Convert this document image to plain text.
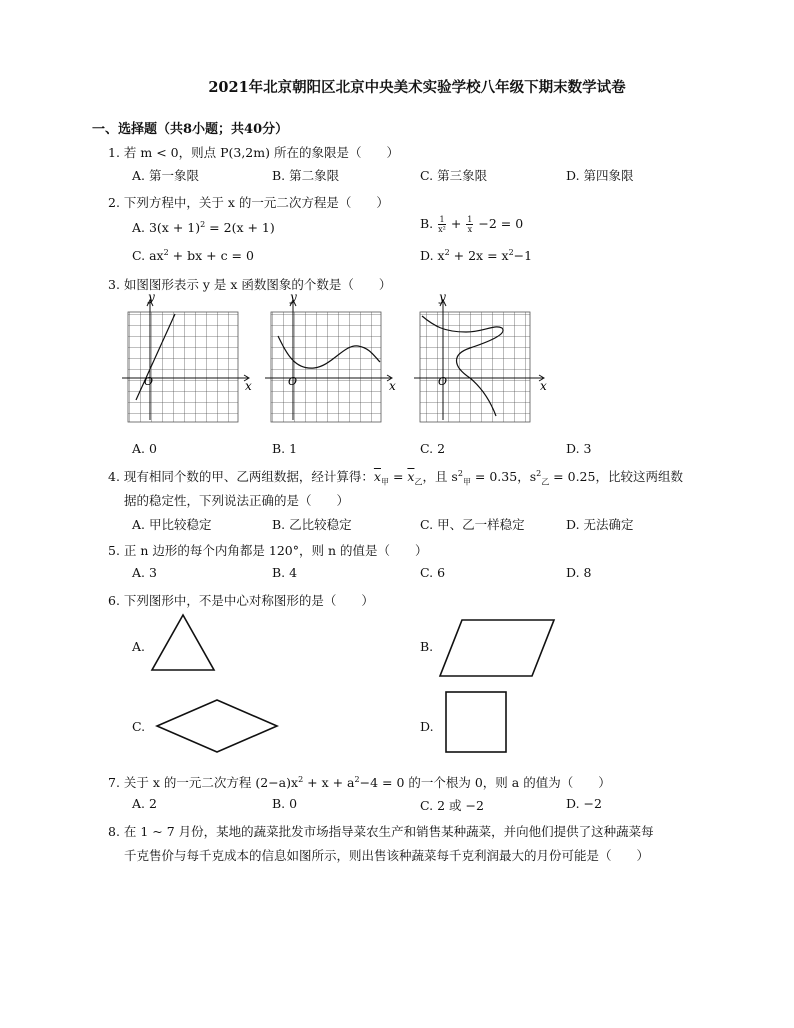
2021年北京朝阳区北京中央美术实验学校八年级下期末数学试卷
一、选择题（共8小题；共40分）
1. 若 m < 0，则点 P(3,2m) 所在的象限是（　　）
A. 第一象限	B. 第二象限	C. 第三象限	D. 第四象限
2. 下列方程中，关于 x 的一元二次方程是（　　）
A. $3(x + 1)^2 = 2(x + 1)$	B. $\frac{1}{\text{x²}} + \frac{1}{x} -2 = 0$
C. $ax^2$ + bx + c = 0	D. $x^2 + 2x = x^2-1$
3. 如图图形表示 y 是 x 函数图象的个数是（　　）
y
x
O
y
x
O
y
x
O
A. 0	B. 1	C. 2	D. 3
4. 现有相同个数的甲、乙两组数据，经计算得：$\overline{x}_甲 = \overline{x}_乙$，且 $s^2_甲 = 0.35$，$s^2_乙 = 0.25$，比较这两组数
据的稳定性，下列说法正确的是（　　）
A. 甲比较稳定	B. 乙比较稳定	C. 甲、乙一样稳定	D. 无法确定
5. 正 n 边形的每个内角都是 120°，则 n 的值是（　　）
A. 3	B. 4	C. 6	D. 8
6. 下列图形中，不是中心对称图形的是（　　）
A.	B.
C.	D.
7. 关于 x 的一元二次方程 $(2-a)x^2 + x + a^2-4 = 0$ 的一个根为 0，则 a 的值为（　　）
A. 2	B. 0	C. 2 或 −2	D. −2
8. 在 1 ~ 7 月份，某地的蔬菜批发市场指导菜农生产和销售某种蔬菜，并向他们提供了这种蔬菜每
千克售价与每千克成本的信息如图所示，则出售该种蔬菜每千克利润最大的月份可能是（　　）
